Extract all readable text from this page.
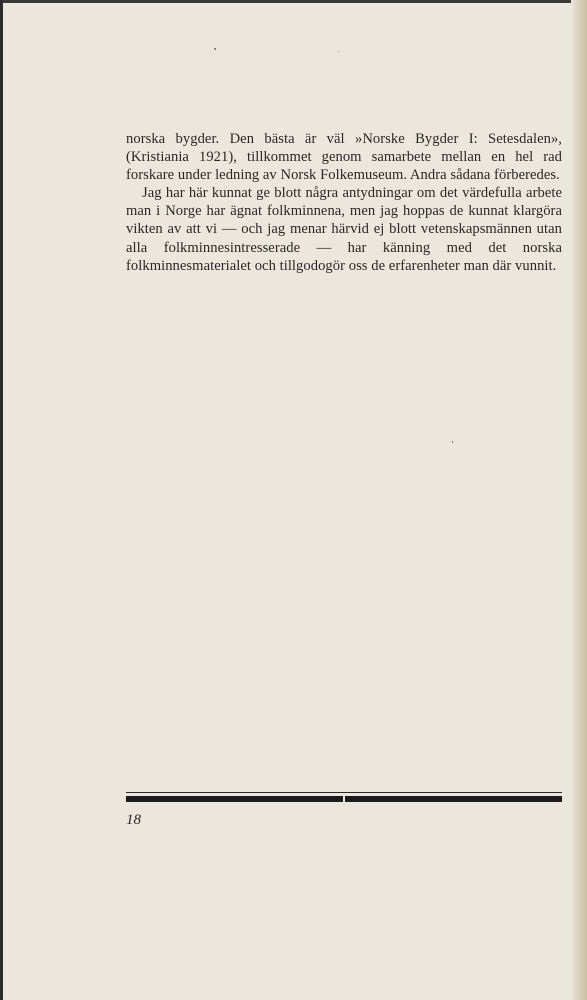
norska bygder. Den bästa är väl »Norske Bygder I: Setesdalen», (Kristiania 1921), tillkommet genom samarbete mellan en hel rad forskare under ledning av Norsk Folkemuseum. Andra sådana förberedes.

Jag har här kunnat ge blott några antydningar om det värdefulla arbete man i Norge har ägnat folkminnena, men jag hoppas de kunnat klargöra vikten av att vi — och jag menar härvid ej blott vetenskapsmännen utan alla folkminnesintresserade — har känning med det norska folkminnesmaterialet och tillgodogör oss de erfarenheter man där vunnit.

18
